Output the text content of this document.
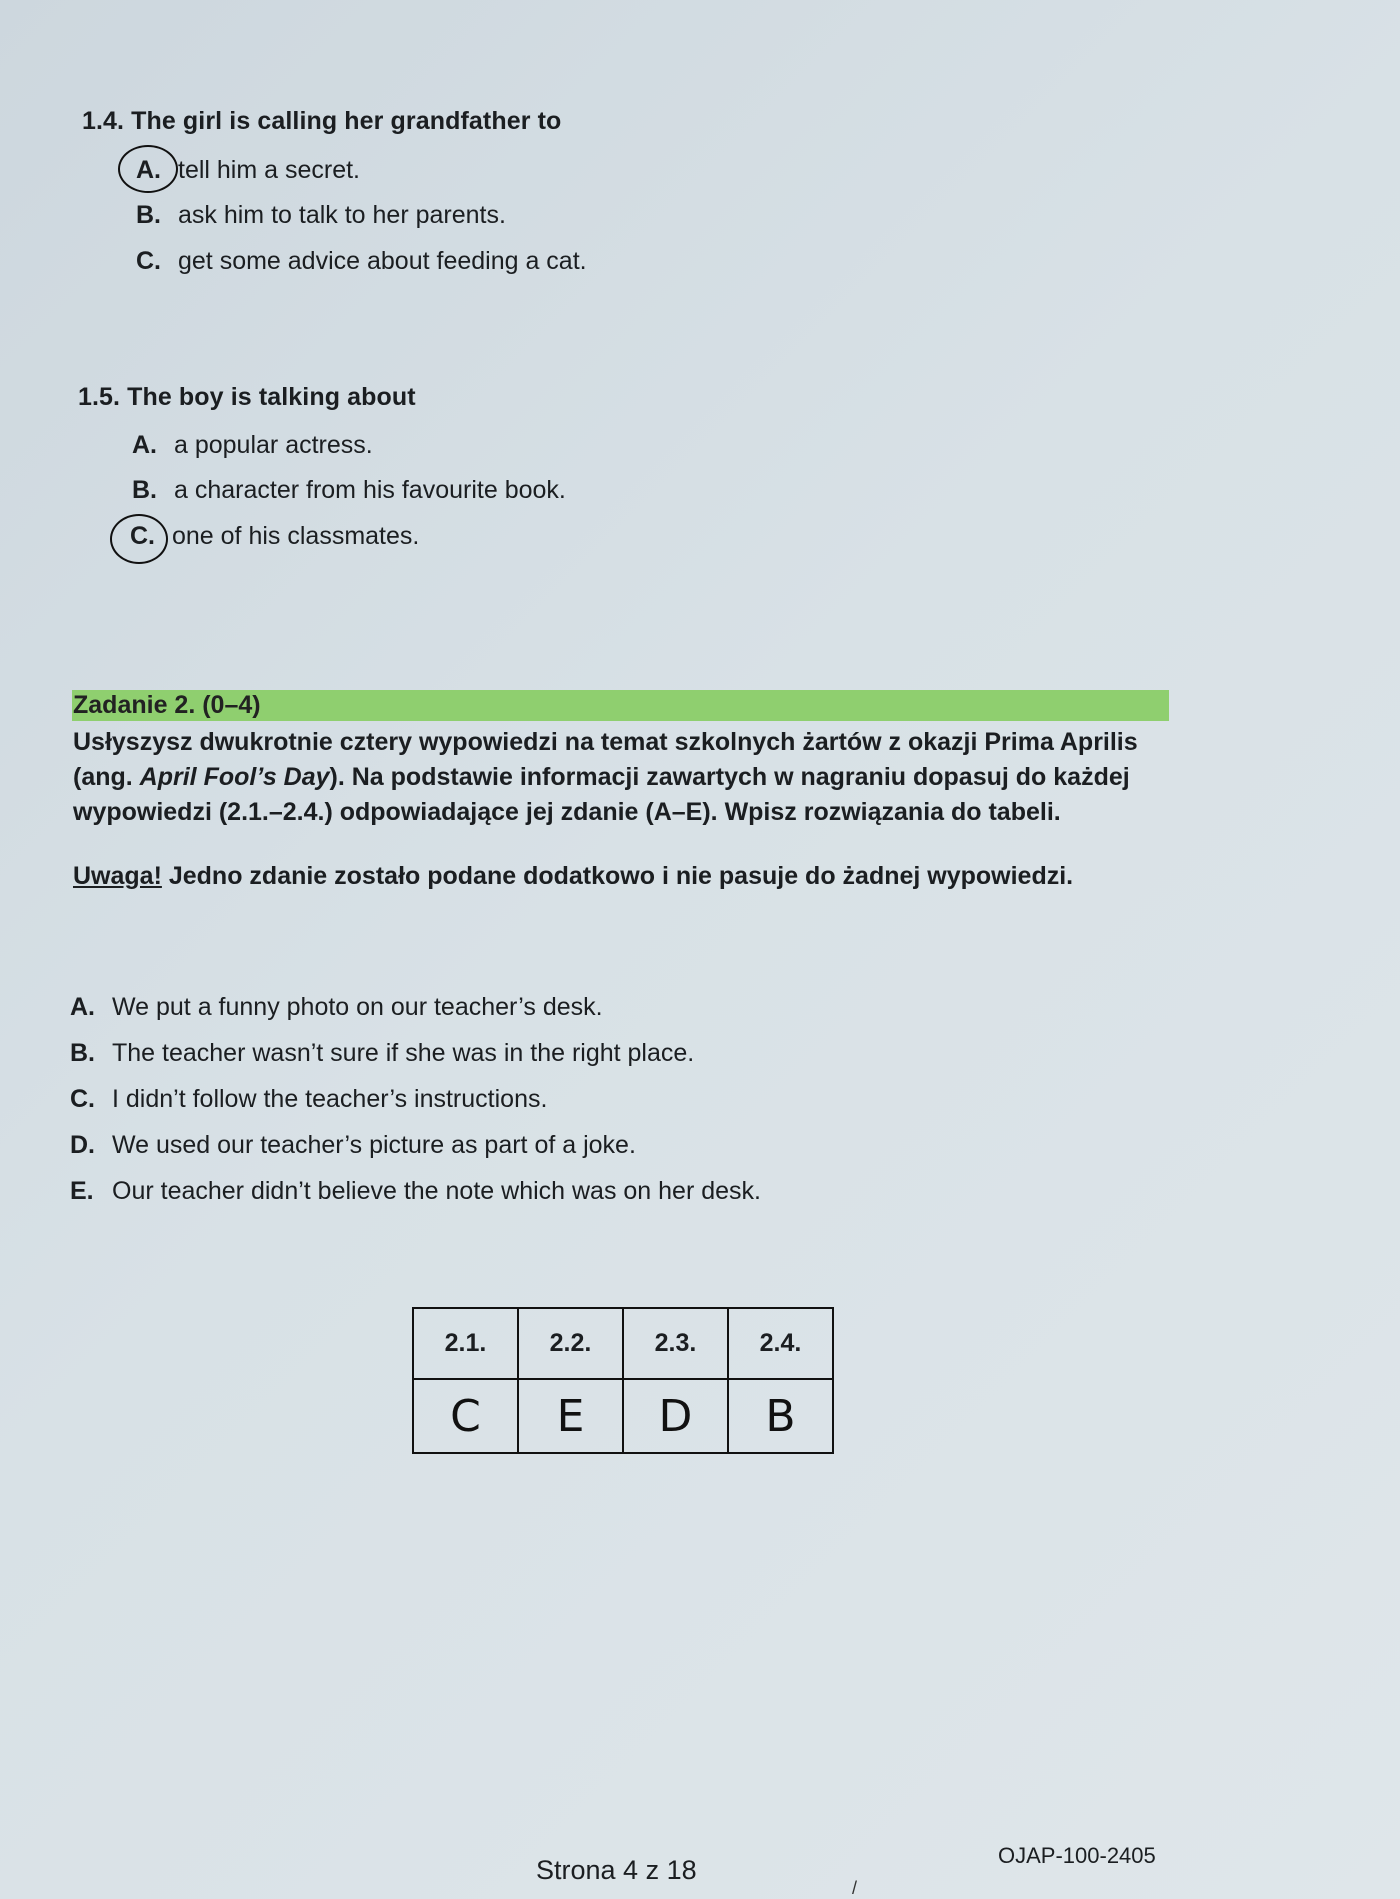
1.4. The girl is calling her grandfather to
A. tell him a secret.
B. ask him to talk to her parents.
C. get some advice about feeding a cat.
1.5. The boy is talking about
A. a popular actress.
B. a character from his favourite book.
C. one of his classmates.
Zadanie 2. (0–4)
Usłyszysz dwukrotnie cztery wypowiedzi na temat szkolnych żartów z okazji Prima Aprilis (ang. April Fool’s Day). Na podstawie informacji zawartych w nagraniu dopasuj do każdej wypowiedzi (2.1.–2.4.) odpowiadające jej zdanie (A–E). Wpisz rozwiązania do tabeli.
Uwaga! Jedno zdanie zostało podane dodatkowo i nie pasuje do żadnej wypowiedzi.
A. We put a funny photo on our teacher’s desk.
B. The teacher wasn’t sure if she was in the right place.
C. I didn’t follow the teacher’s instructions.
D. We used our teacher’s picture as part of a joke.
E. Our teacher didn’t believe the note which was on her desk.
2.1.	2.2.	2.3.	2.4.
C	E	D	B
Strona 4 z 18	OJAP-100-2405
/
